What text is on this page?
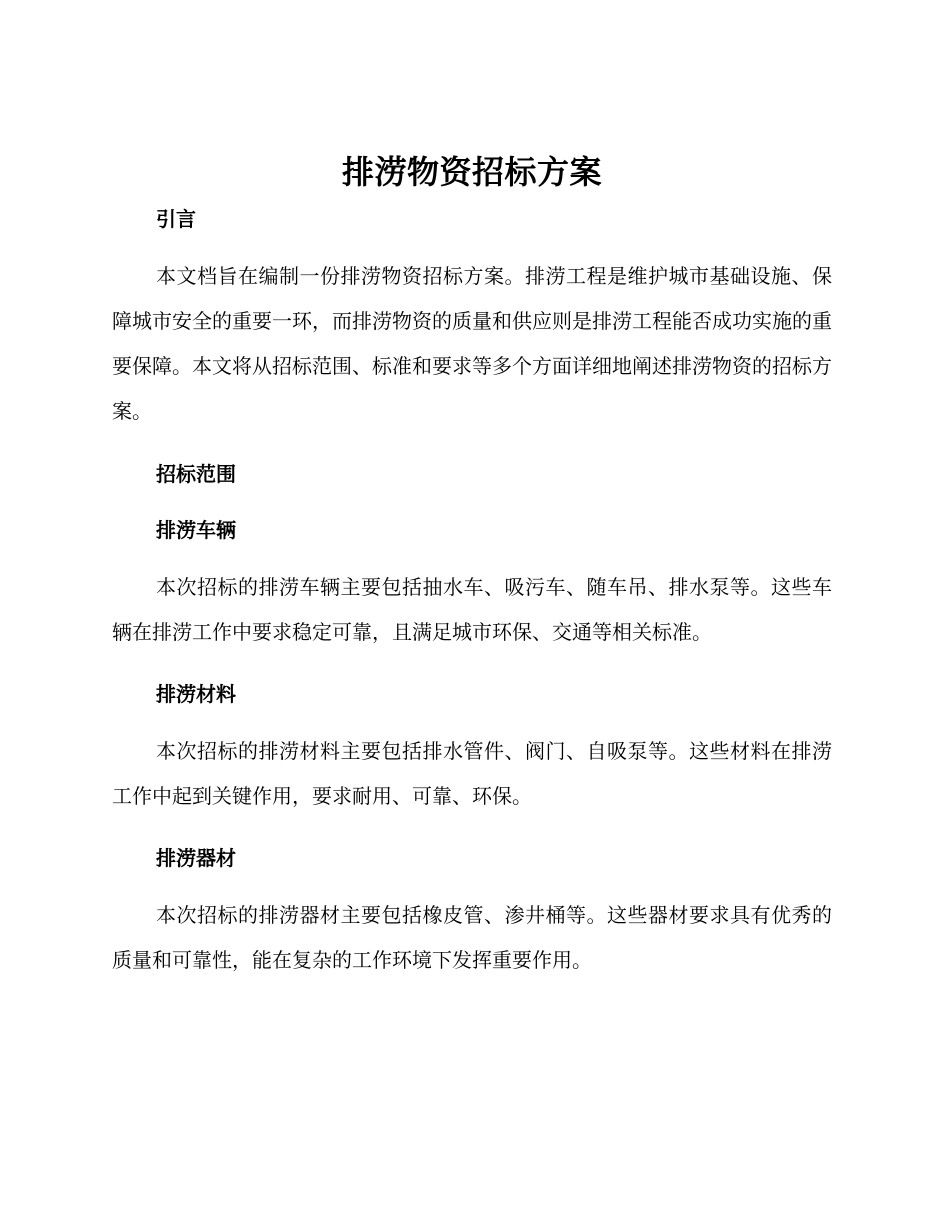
排涝物资招标方案
引言

本文档旨在编制一份排涝物资招标方案。排涝工程是维护城市基础设施、保障城市安全的重要一环，而排涝物资的质量和供应则是排涝工程能否成功实施的重要保障。本文将从招标范围、标准和要求等多个方面详细地阐述排涝物资的招标方案。

招标范围
排涝车辆

本次招标的排涝车辆主要包括抽水车、吸污车、随车吊、排水泵等。这些车辆在排涝工作中要求稳定可靠，且满足城市环保、交通等相关标准。

排涝材料

本次招标的排涝材料主要包括排水管件、阀门、自吸泵等。这些材料在排涝工作中起到关键作用，要求耐用、可靠、环保。

排涝器材

本次招标的排涝器材主要包括橡皮管、渗井桶等。这些器材要求具有优秀的质量和可靠性，能在复杂的工作环境下发挥重要作用。
